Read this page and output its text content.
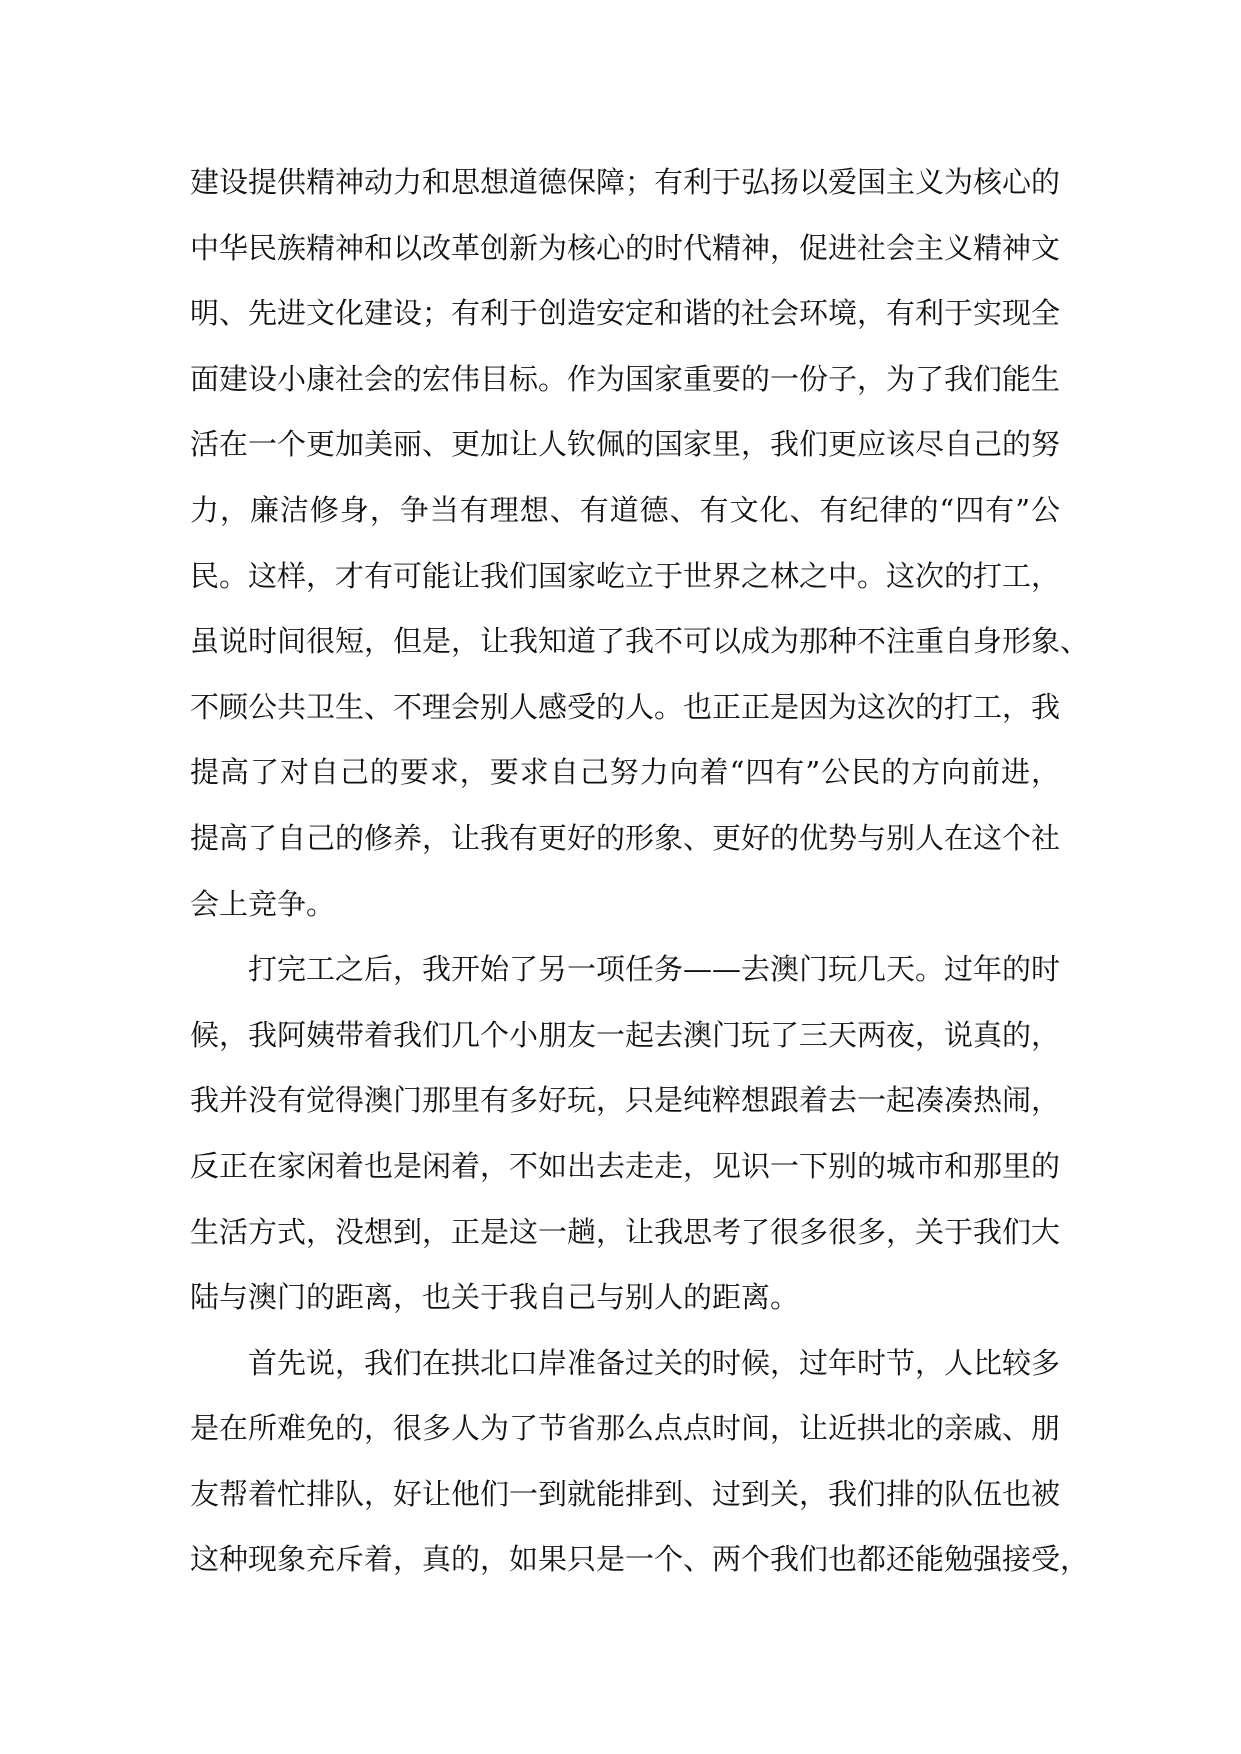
建设提供精神动力和思想道德保障；有利于弘扬以爱国主义为核心的
中华民族精神和以改革创新为核心的时代精神，促进社会主义精神文
明、先进文化建设；有利于创造安定和谐的社会环境，有利于实现全
面建设小康社会的宏伟目标。作为国家重要的一份子，为了我们能生
活在一个更加美丽、更加让人钦佩的国家里，我们更应该尽自己的努
力，廉洁修身，争当有理想、有道德、有文化、有纪律的“四有”公
民。这样，才有可能让我们国家屹立于世界之林之中。这次的打工，
虽说时间很短，但是，让我知道了我不可以成为那种不注重自身形象、
不顾公共卫生、不理会别人感受的人。也正正是因为这次的打工，我
提高了对自己的要求，要求自己努力向着“四有”公民的方向前进，
提高了自己的修养，让我有更好的形象、更好的优势与别人在这个社
会上竞争。
打完工之后，我开始了另一项任务——去澳门玩几天。过年的时
候，我阿姨带着我们几个小朋友一起去澳门玩了三天两夜，说真的，
我并没有觉得澳门那里有多好玩，只是纯粹想跟着去一起凑凑热闹，
反正在家闲着也是闲着，不如出去走走，见识一下别的城市和那里的
生活方式，没想到，正是这一趟，让我思考了很多很多，关于我们大
陆与澳门的距离，也关于我自己与别人的距离。
首先说，我们在拱北口岸准备过关的时候，过年时节，人比较多
是在所难免的，很多人为了节省那么点点时间，让近拱北的亲戚、朋
友帮着忙排队，好让他们一到就能排到、过到关，我们排的队伍也被
这种现象充斥着，真的，如果只是一个、两个我们也都还能勉强接受，
